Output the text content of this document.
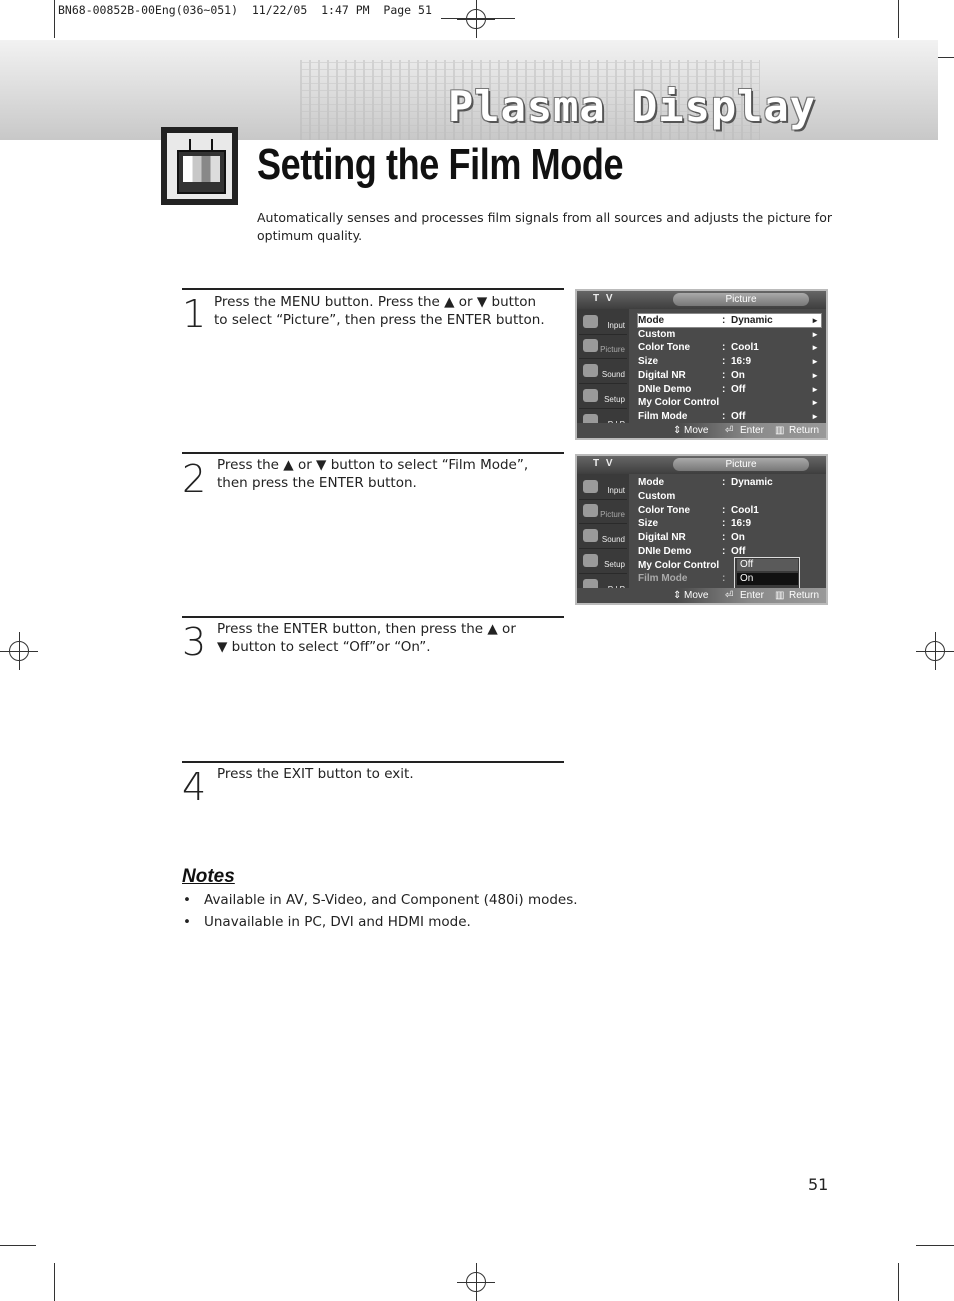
BN68-00852B-00Eng(036~051)  11/22/05  1:47 PM  Page 51
Plasma Display
Setting the Film Mode
Automatically senses and processes film signals from all sources and adjusts the picture for optimum quality.
1 Press the MENU button. Press the ▲ or ▼ button to select “Picture”, then press the ENTER button.
2 Press the ▲ or ▼ button to select “Film Mode”, then press the ENTER button.
3 Press the ENTER button, then press the ▲ or ▼ button to select “Off”or “On”.
4 Press the EXIT button to exit.
T V	Picture
Input
Picture
Sound
Setup
Mode	: Dynamic	►
Custom	►
Color Tone	: Cool1	►
Size	: 16:9	►
Digital NR	: On	►
DNIe Demo	: Off	►
My Color Control	►
Film Mode	: Off	►
⇕ Move ⏎ Enter ▥ Return
T V	Picture
Input
Picture
Sound
Setup
Mode	: Dynamic
Custom
Color Tone	: Cool1
Size	: 16:9
Digital NR	: On
DNIe Demo	: Off
My Color Control
Film Mode	:
Off
On
⇕ Move ⏎ Enter ▥ Return
Notes
• Available in AV, S-Video, and Component (480i) modes.
• Unavailable in PC, DVI and HDMI mode.
51
